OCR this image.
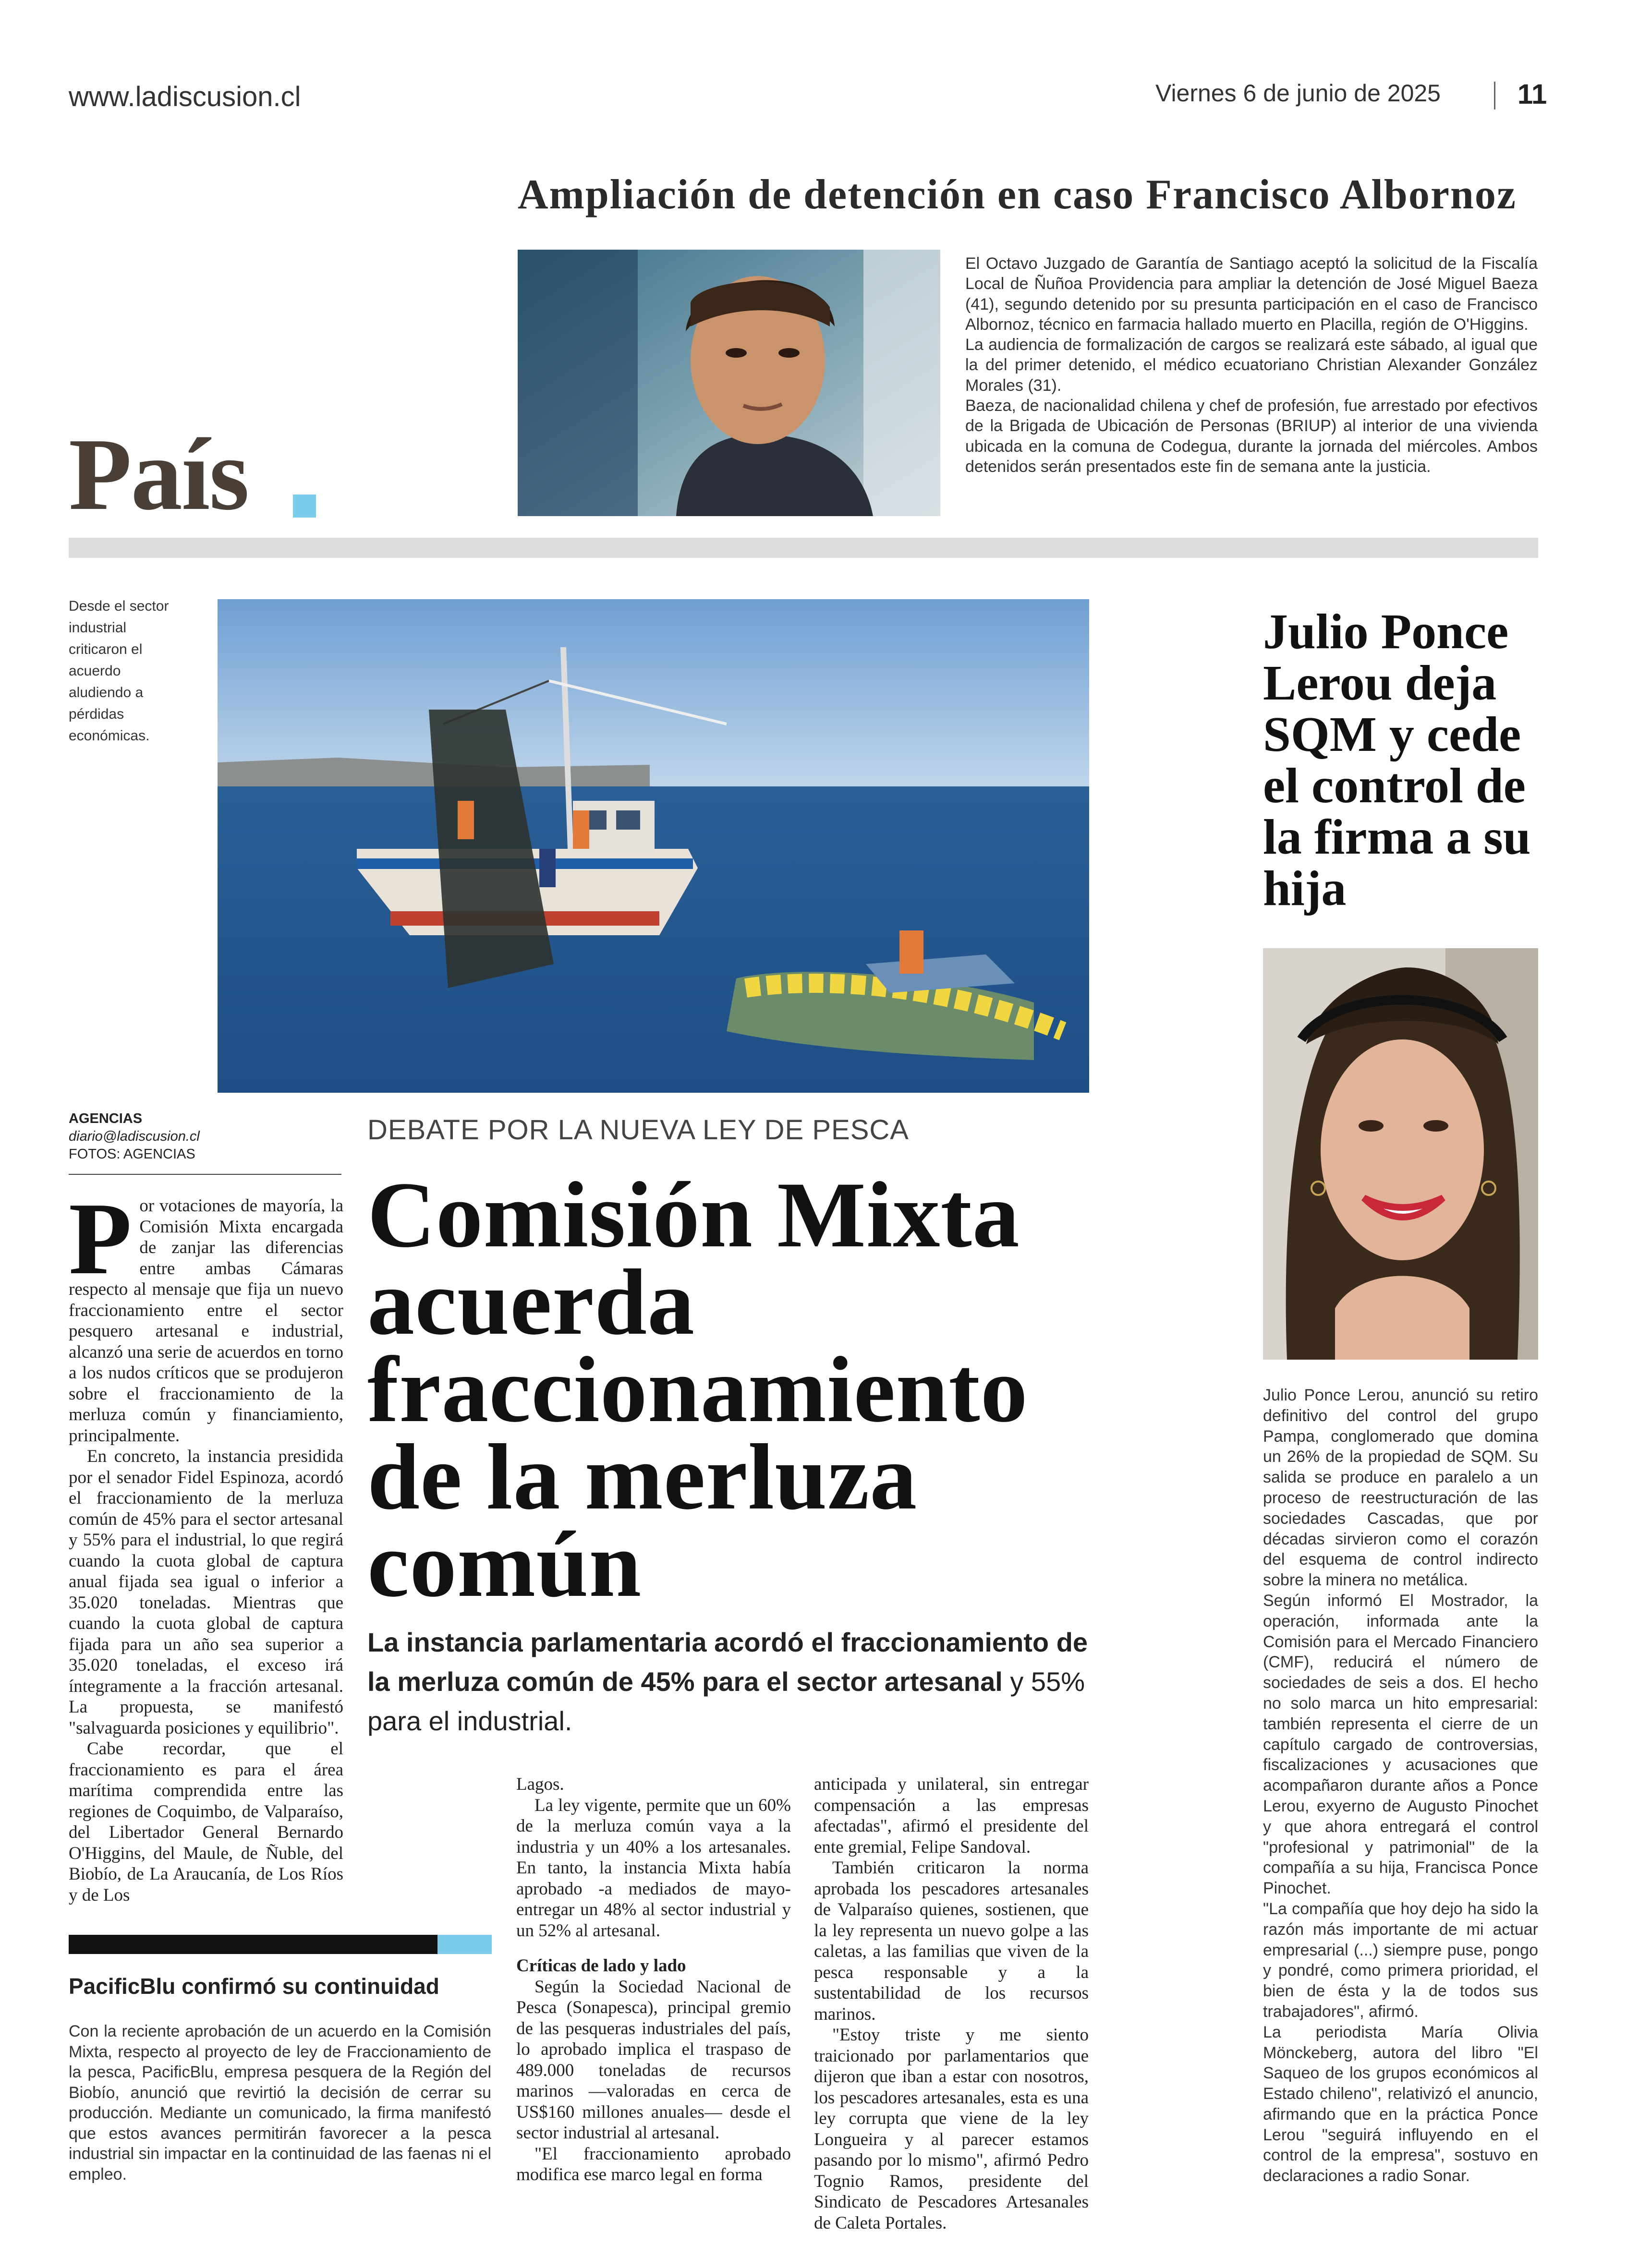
www.ladiscusion.cl	Viernes 6 de junio de 2025	11
Ampliación de detención en caso Francisco Albornoz

El Octavo Juzgado de Garantía de Santiago aceptó la solicitud de la Fiscalía Local de Ñuñoa Providencia para ampliar la detención de José Miguel Baeza (41), segundo detenido por su presunta participación en el caso de Francisco Albornoz, técnico en farmacia hallado muerto en Placilla, región de O'Higgins.

La audiencia de formalización de cargos se realizará este sábado, al igual que la del primer detenido, el médico ecuatoriano Christian Alexander González Morales (31).

Baeza, de nacionalidad chilena y chef de profesión, fue arrestado por efectivos de la Brigada de Ubicación de Personas (BRIUP) al interior de una vivienda ubicada en la comuna de Codegua, durante la jornada del miércoles. Ambos detenidos serán presentados este fin de semana ante la justicia.

País
Desde el sector industrial criticaron el acuerdo aludiendo a pérdidas económicas.
AGENCIAS
diario@ladiscusion.cl
FOTOS: AGENCIAS
DEBATE POR LA NUEVA LEY DE PESCA
Comisión Mixta acuerda fraccionamiento de la merluza común
La instancia parlamentaria acordó el fraccionamiento de la merluza común de 45% para el sector artesanal y 55% para el industrial.
P or votaciones de mayoría, la Comisión Mixta encargada de zanjar las diferencias entre ambas Cámaras respecto al mensaje que fija un nuevo fraccionamiento entre el sector pesquero artesanal e industrial, alcanzó una serie de acuerdos en torno a los nudos críticos que se produjeron sobre el fraccionamiento de la merluza común y financiamiento, principalmente.

En concreto, la instancia presidida por el senador Fidel Espinoza, acordó el fraccionamiento de la merluza común de 45% para el sector artesanal y 55% para el industrial, lo que regirá cuando la cuota global de captura anual fijada sea igual o inferior a 35.020 toneladas. Mientras que cuando la cuota global de captura fijada para un año sea superior a 35.020 toneladas, el exceso irá íntegramente a la fracción artesanal. La propuesta, se manifestó "salvaguarda posiciones y equilibrio".

Cabe recordar, que el fraccionamiento es para el área marítima comprendida entre las regiones de Coquimbo, de Valparaíso, del Libertador General Bernardo O'Higgins, del Maule, de Ñuble, del Biobío, de La Araucanía, de Los Ríos y de Los

Lagos.

La ley vigente, permite que un 60% de la merluza común vaya a la industria y un 40% a los artesanales. En tanto, la instancia Mixta había aprobado -a mediados de mayo- entregar un 48% al sector industrial y un 52% al artesanal.

Críticas de lado y lado

Según la Sociedad Nacional de Pesca (Sonapesca), principal gremio de las pesqueras industriales del país, lo aprobado implica el traspaso de 489.000 toneladas de recursos marinos —valoradas en cerca de US$160 millones anuales— desde el sector industrial al artesanal.

"El fraccionamiento aprobado modifica ese marco legal en forma

anticipada y unilateral, sin entregar compensación a las empresas afectadas", afirmó el presidente del ente gremial, Felipe Sandoval.

También criticaron la norma aprobada los pescadores artesanales de Valparaíso quienes, sostienen, que la ley representa un nuevo golpe a las caletas, a las familias que viven de la pesca responsable y a la sustentabilidad de los recursos marinos.

"Estoy triste y me siento traicionado por parlamentarios que dijeron que iban a estar con nosotros, los pescadores artesanales, esta es una ley corrupta que viene de la ley Longueira y al parecer estamos pasando por lo mismo", afirmó Pedro Tognio Ramos, presidente del Sindicato de Pescadores Artesanales de Caleta Portales.

PacificBlu confirmó su continuidad
Con la reciente aprobación de un acuerdo en la Comisión Mixta, respecto al proyecto de ley de Fraccionamiento de la pesca, PacificBlu, empresa pesquera de la Región del Biobío, anunció que revirtió la decisión de cerrar su producción. Mediante un comunicado, la firma manifestó que estos avances permitirán favorecer a la pesca industrial sin impactar en la continuidad de las faenas ni el empleo.
Julio Ponce Lerou deja SQM y cede el control de la firma a su hija

Julio Ponce Lerou, anunció su retiro definitivo del control del grupo Pampa, conglomerado que domina un 26% de la propiedad de SQM. Su salida se produce en paralelo a un proceso de reestructuración de las sociedades Cascadas, que por décadas sirvieron como el corazón del esquema de control indirecto sobre la minera no metálica.

Según informó El Mostrador, la operación, informada ante la Comisión para el Mercado Financiero (CMF), reducirá el número de sociedades de seis a dos. El hecho no solo marca un hito empresarial: también representa el cierre de un capítulo cargado de controversias, fiscalizaciones y acusaciones que acompañaron durante años a Ponce Lerou, exyerno de Augusto Pinochet y que ahora entregará el control "profesional y patrimonial" de la compañía a su hija, Francisca Ponce Pinochet.

"La compañía que hoy dejo ha sido la razón más importante de mi actuar empresarial (...) siempre puse, pongo y pondré, como primera prioridad, el bien de ésta y la de todos sus trabajadores", afirmó.

La periodista María Olivia Mönckeberg, autora del libro "El Saqueo de los grupos económicos al Estado chileno", relativizó el anuncio, afirmando que en la práctica Ponce Lerou "seguirá influyendo en el control de la empresa", sostuvo en declaraciones a radio Sonar.
